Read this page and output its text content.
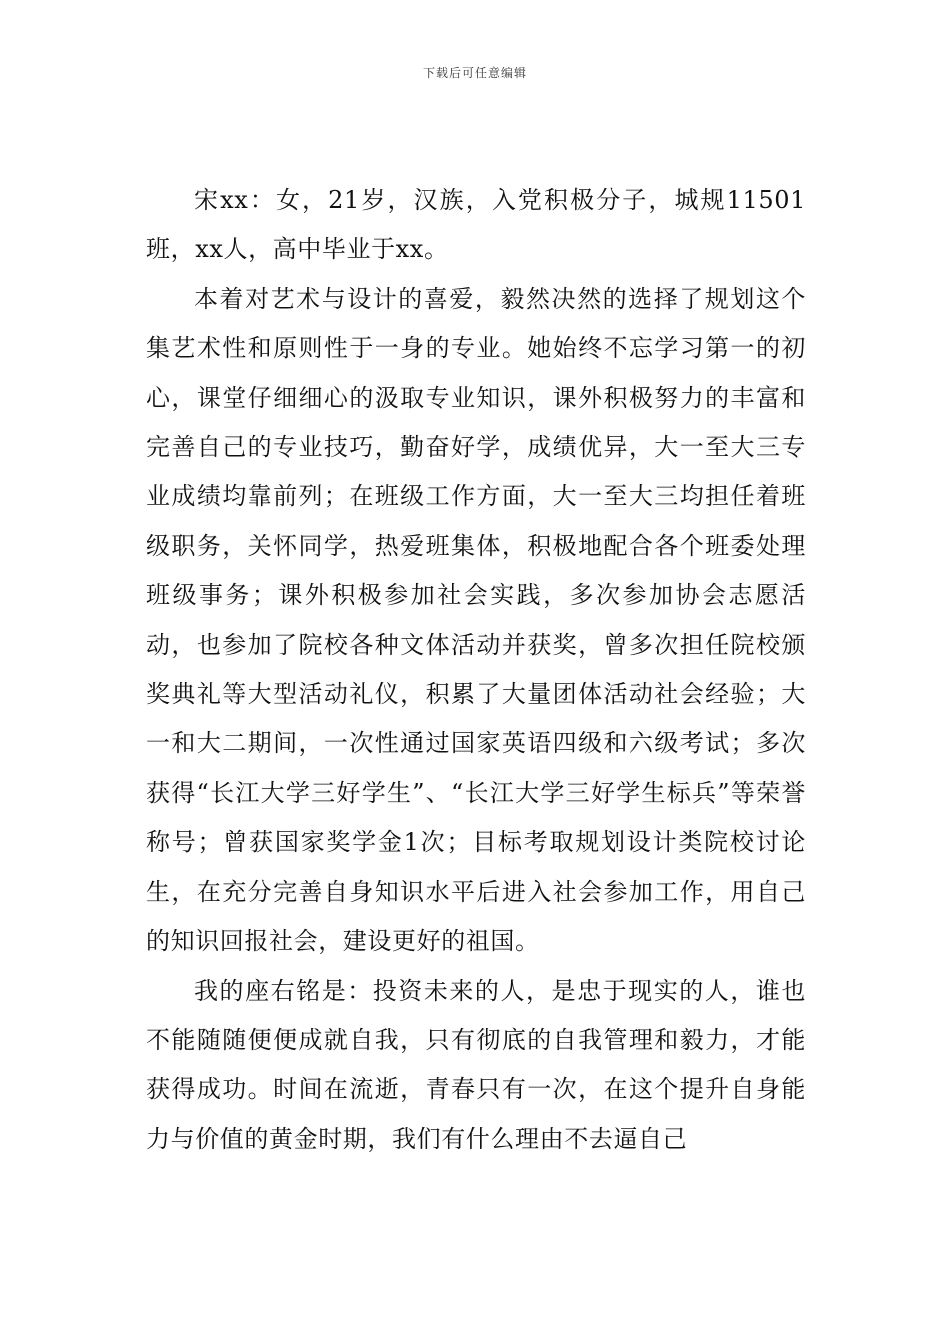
下载后可任意编辑

宋xx：女，21岁，汉族，入党积极分子，城规11501班，xx人，高中毕业于xx。

本着对艺术与设计的喜爱，毅然决然的选择了规划这个集艺术性和原则性于一身的专业。她始终不忘学习第一的初心，课堂仔细细心的汲取专业知识，课外积极努力的丰富和完善自己的专业技巧，勤奋好学，成绩优异，大一至大三专业成绩均靠前列；在班级工作方面，大一至大三均担任着班级职务，关怀同学，热爱班集体，积极地配合各个班委处理班级事务；课外积极参加社会实践，多次参加协会志愿活动，也参加了院校各种文体活动并获奖，曾多次担任院校颁奖典礼等大型活动礼仪，积累了大量团体活动社会经验；大一和大二期间，一次性通过国家英语四级和六级考试；多次获得“长江大学三好学生”、“长江大学三好学生标兵”等荣誉称号；曾获国家奖学金1次；目标考取规划设计类院校讨论生，在充分完善自身知识水平后进入社会参加工作，用自己的知识回报社会，建设更好的祖国。

我的座右铭是：投资未来的人，是忠于现实的人，谁也不能随随便便成就自我，只有彻底的自我管理和毅力，才能获得成功。时间在流逝，青春只有一次，在这个提升自身能力与价值的黄金时期，我们有什么理由不去逼自己
